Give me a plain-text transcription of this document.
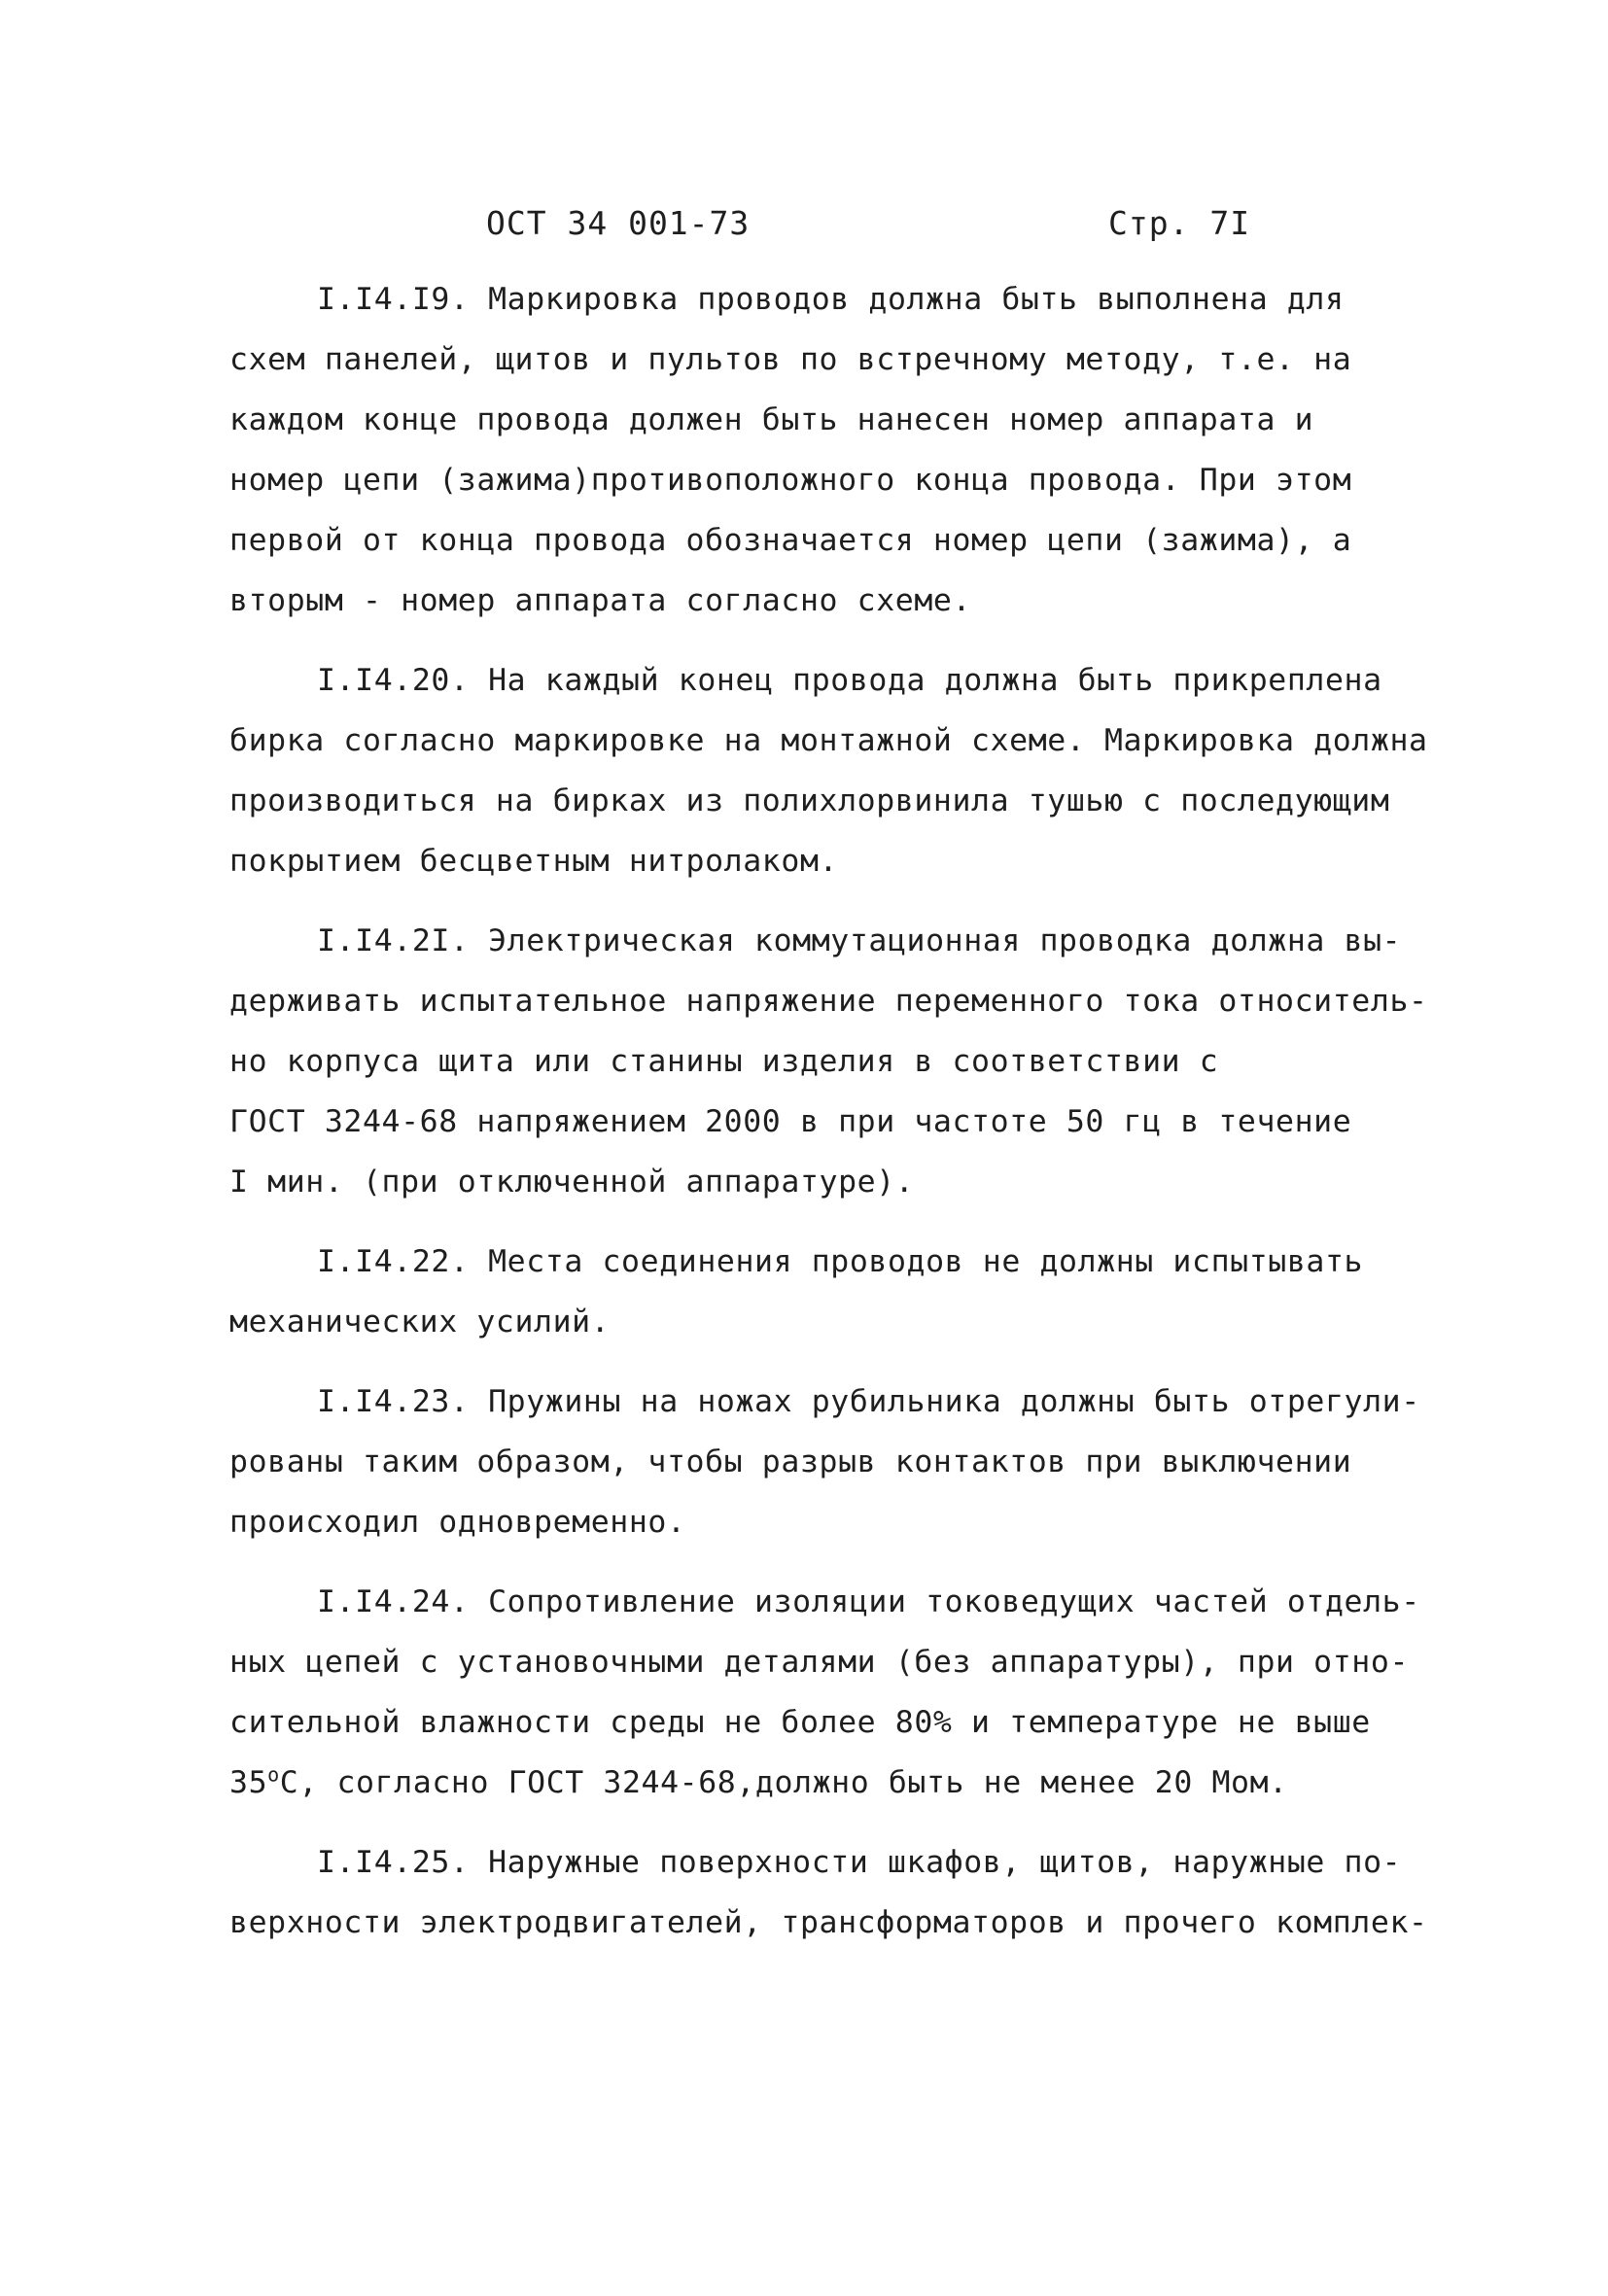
ОСТ 34 001-73	Стр. 7I
I.I4.I9. Маркировка проводов должна быть выполнена для
схем панелей, щитов и пультов по встречному методу, т.е. на
каждом конце провода должен быть нанесен номер аппарата и
номер цепи (зажима)противоположного конца провода. При этом
первой от конца провода обозначается номер цепи (зажима), а
вторым - номер аппарата согласно схеме.
I.I4.20. На каждый конец провода должна быть прикреплена
бирка согласно маркировке на монтажной схеме. Маркировка должна
производиться на бирках из полихлорвинила тушью с последующим
покрытием бесцветным нитролаком.
I.I4.2I. Электрическая коммутационная проводка должна вы-
держивать испытательное напряжение переменного тока относитель-
но корпуса щита или станины изделия в соответствии с
ГОСТ 3244-68 напряжением 2000 в при частоте 50 гц в течение
I мин. (при отключенной аппаратуре).
I.I4.22. Места соединения проводов не должны испытывать
механических усилий.
I.I4.23. Пружины на ножах рубильника должны быть отрегули-
рованы таким образом, чтобы разрыв контактов при выключении
происходил одновременно.
I.I4.24. Сопротивление изоляции токоведущих частей отдель-
ных цепей с установочными деталями (без аппаратуры), при отно-
сительной влажности среды не более 80% и температуре не выше
$35^оС$, согласно ГОСТ 3244-68,должно быть не менее 20 Мом.
I.I4.25. Наружные поверхности шкафов, щитов, наружные по-
верхности электродвигателей, трансформаторов и прочего комплек-
